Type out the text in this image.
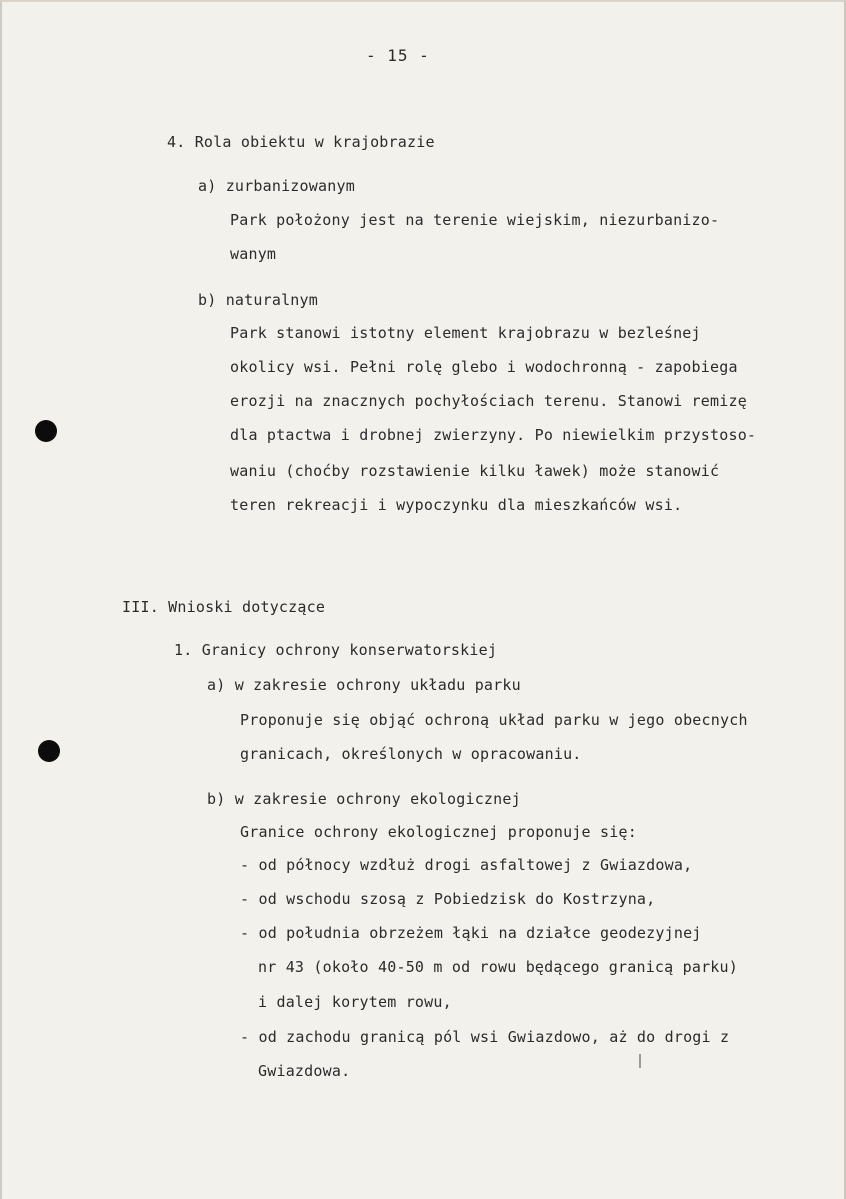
- 15 -
4. Rola obiektu w krajobrazie
a) zurbanizowanym
Park położony jest na terenie wiejskim, niezurbanizo-
wanym
b) naturalnym
Park stanowi istotny element krajobrazu w bezleśnej
okolicy wsi. Pełni rolę glebo i wodochronną - zapobiega
erozji na znacznych pochyłościach terenu. Stanowi remizę
dla ptactwa i drobnej zwierzyny. Po niewielkim przystoso-
waniu (choćby rozstawienie kilku ławek) może stanowić
teren rekreacji i wypoczynku dla mieszkańców wsi.
III. Wnioski dotyczące
1. Granicy ochrony konserwatorskiej
a) w zakresie ochrony układu parku
Proponuje się objąć ochroną układ parku w jego obecnych
granicach, określonych w opracowaniu.
b) w zakresie ochrony ekologicznej
Granice ochrony ekologicznej proponuje się:
- od północy wzdłuż drogi asfaltowej z Gwiazdowa,
- od wschodu szosą z Pobiedzisk do Kostrzyna,
- od południa obrzeżem łąki na działce geodezyjnej
nr 43 (około 40-50 m od rowu będącego granicą parku)
i dalej korytem rowu,
- od zachodu granicą pól wsi Gwiazdowo, aż do drogi z
Gwiazdowa.
